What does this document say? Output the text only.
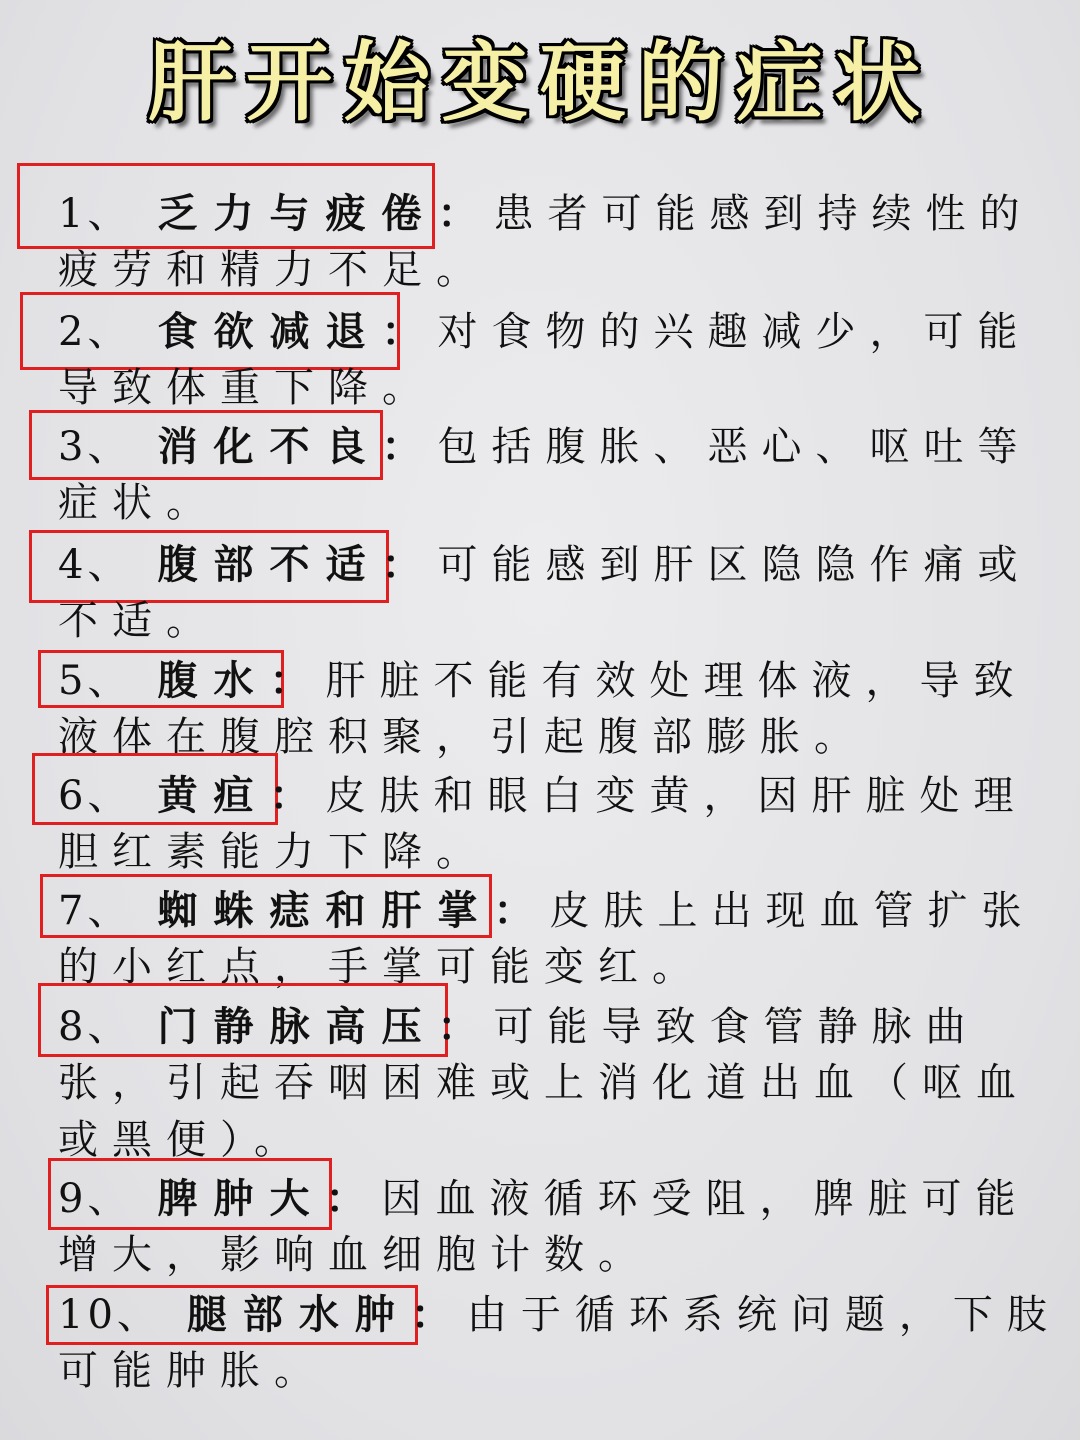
肝开始变硬的症状
1、 乏力与疲倦：患者可能感到持续性的
疲劳和精力不足。
2、 食欲减退：对食物的兴趣减少，可能
导致体重下降。
3、 消化不良：包括腹胀、恶心、呕吐等
症状。
4、 腹部不适：可能感到肝区隐隐作痛或
不适。
5、 腹水：肝脏不能有效处理体液，导致
液体在腹腔积聚，引起腹部膨胀。
6、 黄疸：皮肤和眼白变黄，因肝脏处理
胆红素能力下降。
7、 蜘蛛痣和肝掌：皮肤上出现血管扩张
的小红点，手掌可能变红。
8、 门静脉高压：可能导致食管静脉曲
张，引起吞咽困难或上消化道出血（呕血
或黑便）。
9、 脾肿大：因血液循环受阻，脾脏可能
增大，影响血细胞计数。
10、 腿部水肿：由于循环系统问题，下肢
可能肿胀。
